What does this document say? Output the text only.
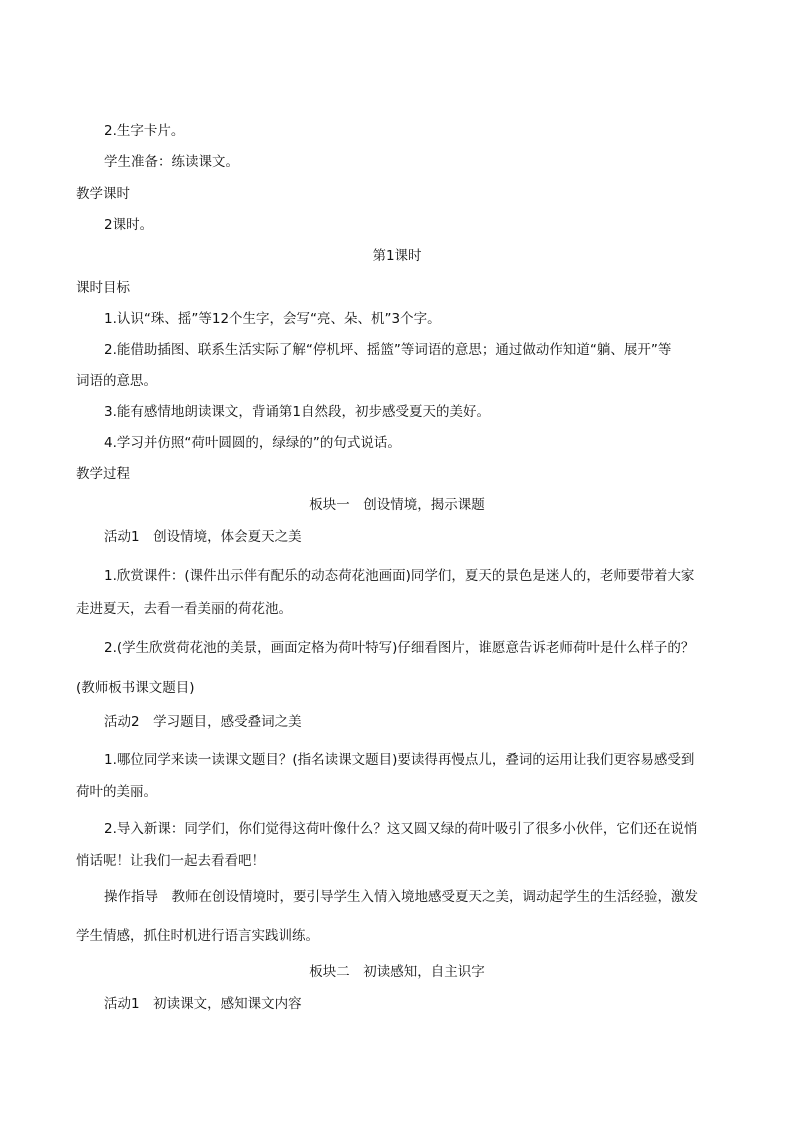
2.生字卡片。
学生准备：练读课文。
教学课时
2课时。
第1课时
课时目标
1.认识“珠、摇”等12个生字，会写“亮、朵、机”3个字。
2.能借助插图、联系生活实际了解“停机坪、摇篮”等词语的意思；通过做动作知道“躺、展开”等
词语的意思。
3.能有感情地朗读课文，背诵第1自然段，初步感受夏天的美好。
4.学习并仿照“荷叶圆圆的，绿绿的”的句式说话。
教学过程
板块一　创设情境，揭示课题
活动1　创设情境，体会夏天之美
1.欣赏课件：(课件出示伴有配乐的动态荷花池画面)同学们，夏天的景色是迷人的，老师要带着大家
走进夏天，去看一看美丽的荷花池。
2.(学生欣赏荷花池的美景，画面定格为荷叶特写)仔细看图片，谁愿意告诉老师荷叶是什么样子的？
(教师板书课文题目)
活动2　学习题目，感受叠词之美
1.哪位同学来读一读课文题目？(指名读课文题目)要读得再慢点儿，叠词的运用让我们更容易感受到
荷叶的美丽。
2.导入新课：同学们，你们觉得这荷叶像什么？这又圆又绿的荷叶吸引了很多小伙伴，它们还在说悄
悄话呢！让我们一起去看看吧！
操作指导　教师在创设情境时，要引导学生入情入境地感受夏天之美，调动起学生的生活经验，激发
学生情感，抓住时机进行语言实践训练。
板块二　初读感知，自主识字
活动1　初读课文，感知课文内容
